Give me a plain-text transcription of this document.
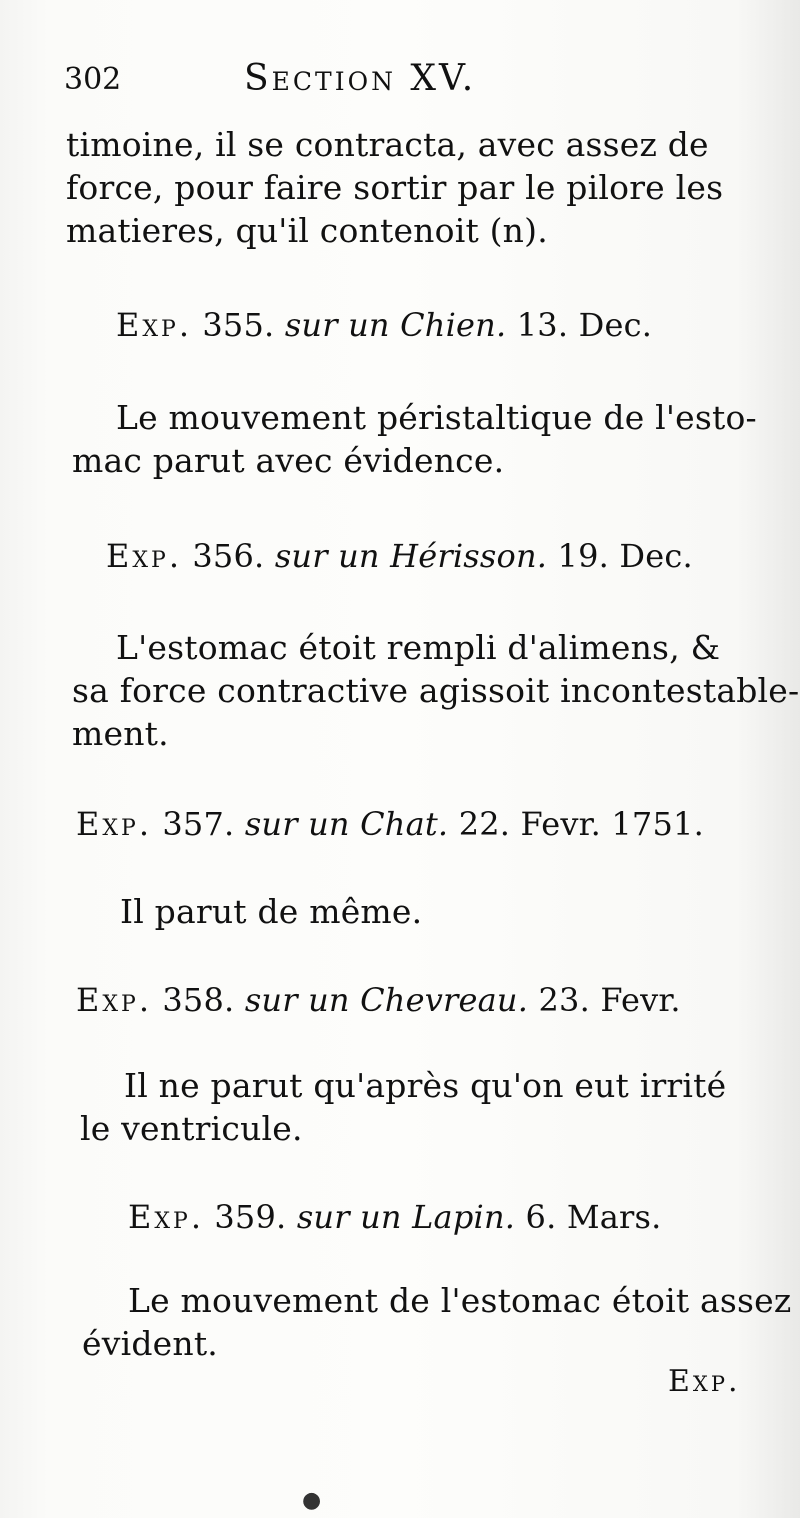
302	Section XV.
timoine, il se contracta, avec assez de
force, pour faire sortir par le pilore les
matieres, qu'il contenoit (n).
Exp. 355. sur un Chien. 13. Dec.
Le mouvement péristaltique de l'esto-
mac parut avec évidence.
Exp. 356. sur un Hérisson. 19. Dec.
L'estomac étoit rempli d'alimens, &
sa force contractive agissoit incontestable-
ment.
Exp. 357. sur un Chat. 22. Fevr. 1751.
Il parut de même.
Exp. 358. sur un Chevreau. 23. Fevr.
Il ne parut qu'après qu'on eut irrité
le ventricule.
Exp. 359. sur un Lapin. 6. Mars.
Le mouvement de l'estomac étoit assez
évident.
Exp.
●
